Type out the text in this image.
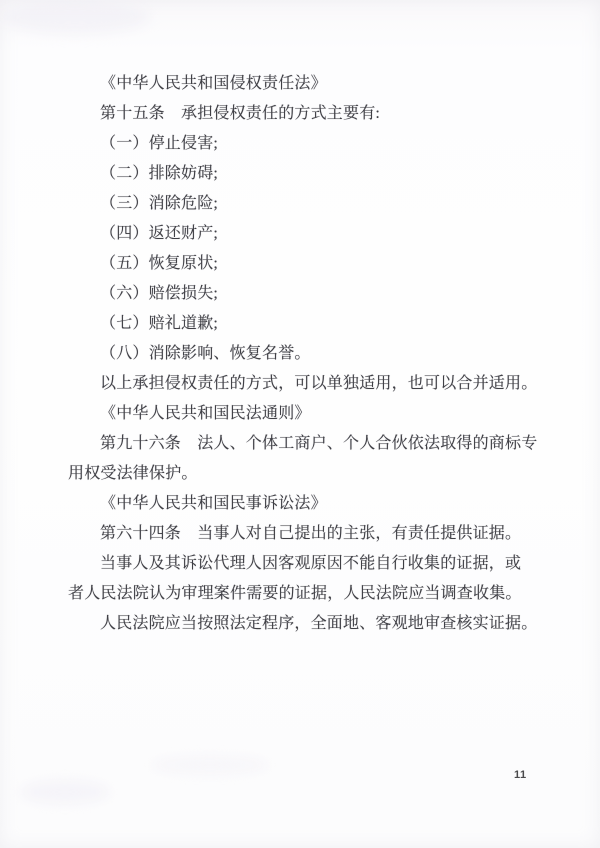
《中华人民共和国侵权责任法》

第十五条　承担侵权责任的方式主要有:

（一）停止侵害;

（二）排除妨碍;

（三）消除危险;

（四）返还财产;

（五）恢复原状;

（六）赔偿损失;

（七）赔礼道歉;

（八）消除影响、恢复名誉。

以上承担侵权责任的方式，可以单独适用，也可以合并适用。

《中华人民共和国民法通则》

第九十六条　法人、个体工商户、个人合伙依法取得的商标专

用权受法律保护。

《中华人民共和国民事诉讼法》

第六十四条　当事人对自己提出的主张，有责任提供证据。

当事人及其诉讼代理人因客观原因不能自行收集的证据，或

者人民法院认为审理案件需要的证据，人民法院应当调查收集。

人民法院应当按照法定程序，全面地、客观地审查核实证据。

11
